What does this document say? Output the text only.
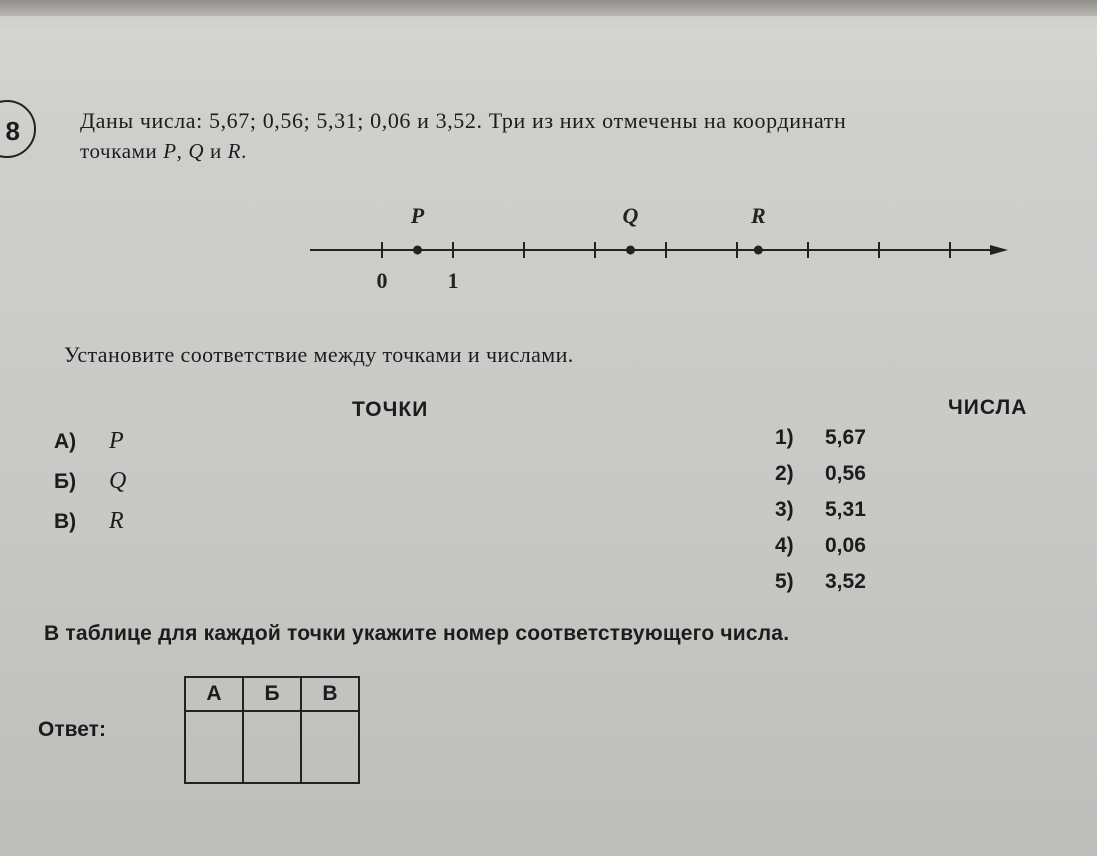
8	Даны числа: 5,67; 0,56; 5,31; 0,06 и 3,52. Три из них отмечены на координатн
точками P, Q и R.
0	1
P	Q	R
Установите соответствие между точками и числами.
ТОЧКИ	ЧИСЛА
А) P
Б) Q
В) R
1) 5,67
2) 0,56
3) 5,31
4) 0,06
5) 3,52
В таблице для каждой точки укажите номер соответствующего числа.
Ответ:
А	Б	В
